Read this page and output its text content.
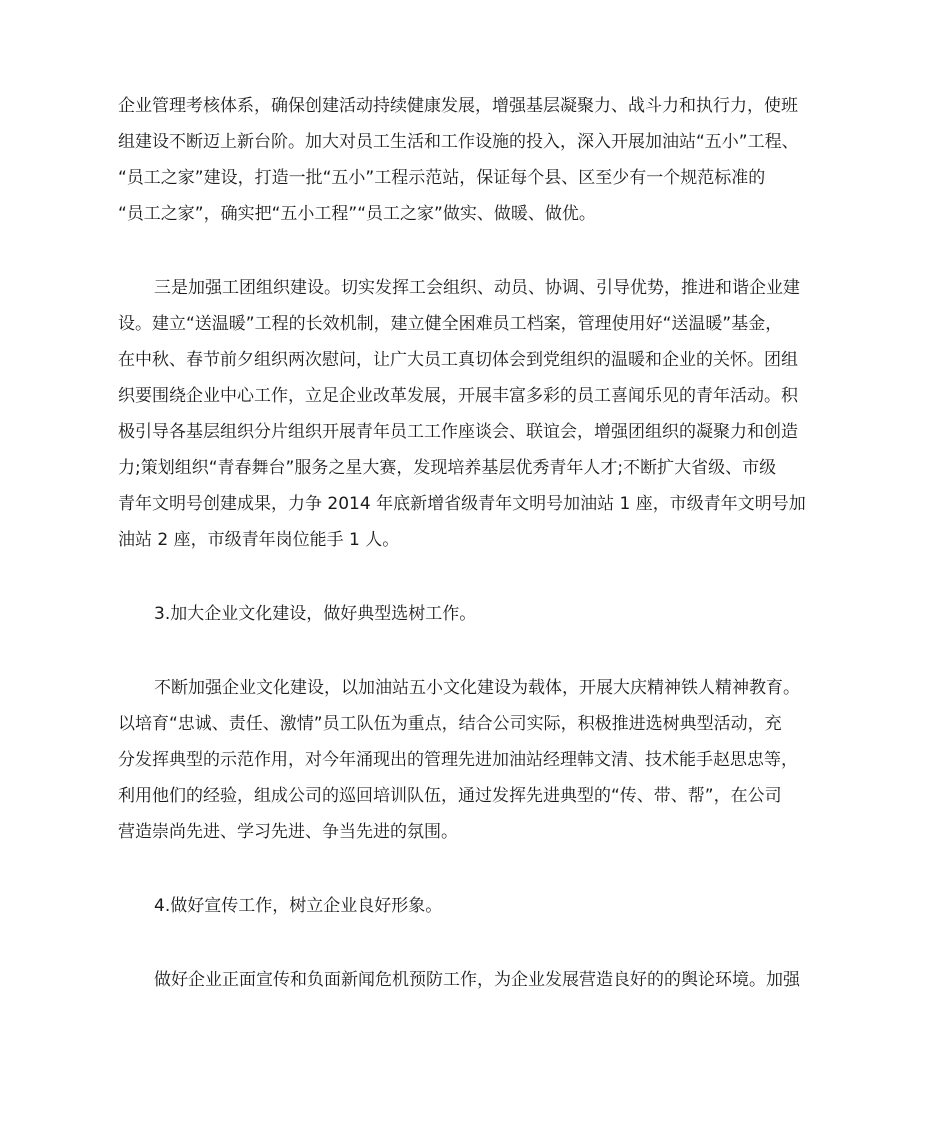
企业管理考核体系，确保创建活动持续健康发展，增强基层凝聚力、战斗力和执行力，使班
组建设不断迈上新台阶。加大对员工生活和工作设施的投入，深入开展加油站“五小”工程、
“员工之家”建设，打造一批“五小”工程示范站，保证每个县、区至少有一个规范标准的
“员工之家”，确实把“五小工程”“员工之家”做实、做暖、做优。
三是加强工团组织建设。切实发挥工会组织、动员、协调、引导优势，推进和谐企业建
设。建立“送温暖”工程的长效机制，建立健全困难员工档案，管理使用好“送温暖”基金，
在中秋、春节前夕组织两次慰问，让广大员工真切体会到党组织的温暖和企业的关怀。团组
织要围绕企业中心工作，立足企业改革发展，开展丰富多彩的员工喜闻乐见的青年活动。积
极引导各基层组织分片组织开展青年员工工作座谈会、联谊会，增强团组织的凝聚力和创造
力;策划组织“青春舞台”服务之星大赛，发现培养基层优秀青年人才;不断扩大省级、市级
青年文明号创建成果，力争 2014 年底新增省级青年文明号加油站 1 座，市级青年文明号加
油站 2 座，市级青年岗位能手 1 人。
3.加大企业文化建设，做好典型选树工作。
不断加强企业文化建设，以加油站五小文化建设为载体，开展大庆精神铁人精神教育。
以培育“忠诚、责任、激情”员工队伍为重点，结合公司实际，积极推进选树典型活动，充
分发挥典型的示范作用，对今年涌现出的管理先进加油站经理韩文清、技术能手赵思忠等，
利用他们的经验，组成公司的巡回培训队伍，通过发挥先进典型的“传、带、帮”，在公司
营造崇尚先进、学习先进、争当先进的氛围。
4.做好宣传工作，树立企业良好形象。
做好企业正面宣传和负面新闻危机预防工作，为企业发展营造良好的的舆论环境。加强
